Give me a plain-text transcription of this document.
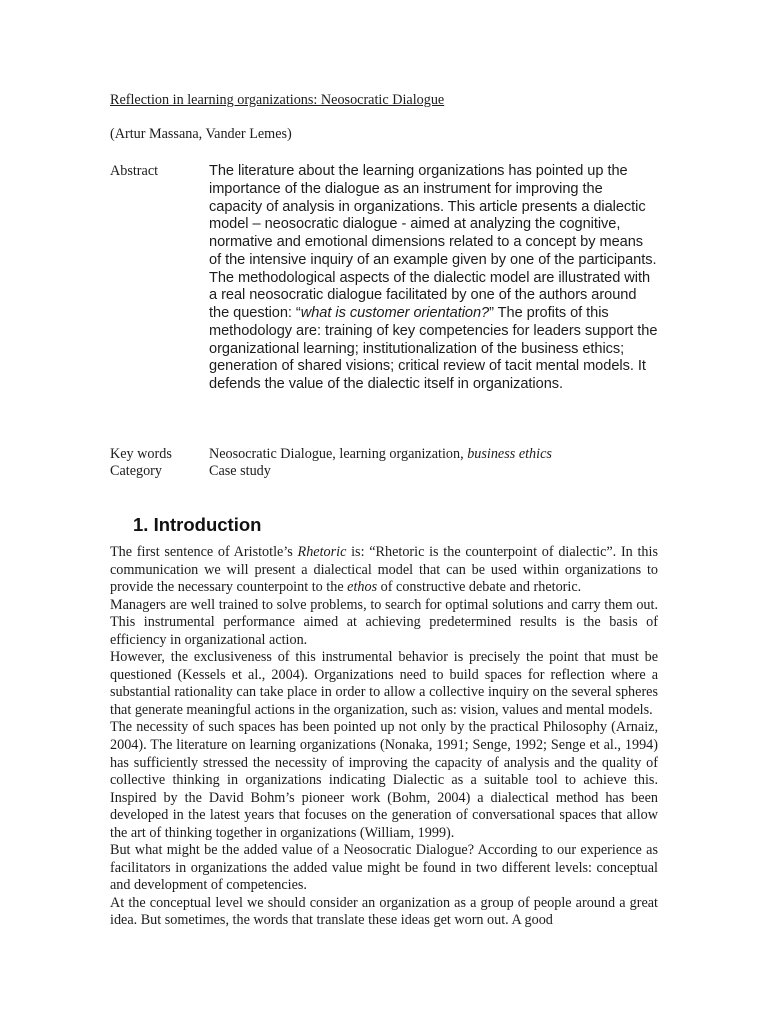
Reflection in learning organizations: Neosocratic Dialogue
(Artur Massana, Vander Lemes)
Abstract	The literature about the learning organizations has pointed up the importance of the dialogue as an instrument for improving the capacity of analysis in organizations. This article presents a dialectic model – neosocratic dialogue - aimed at analyzing the cognitive, normative and emotional dimensions related to a concept by means of the intensive inquiry of an example given by one of the participants. The methodological aspects of the dialectic model are illustrated with a real neosocratic dialogue facilitated by one of the authors around the question: “what is customer orientation?” The profits of this methodology are: training of key competencies for leaders support the organizational learning; institutionalization of the business ethics; generation of shared visions; critical review of tacit mental models. It defends the value of the dialectic itself in organizations.
Key words	Neosocratic Dialogue, learning organization, business ethics
Category	Case study
1. Introduction

The first sentence of Aristotle’s Rhetoric is: “Rhetoric is the counterpoint of dialectic”. In this communication we will present a dialectical model that can be used within organizations to provide the necessary counterpoint to the ethos of constructive debate and rhetoric.

Managers are well trained to solve problems, to search for optimal solutions and carry them out. This instrumental performance aimed at achieving predetermined results is the basis of efficiency in organizational action.

However, the exclusiveness of this instrumental behavior is precisely the point that must be questioned (Kessels et al., 2004). Organizations need to build spaces for reflection where a substantial rationality can take place in order to allow a collective inquiry on the several spheres that generate meaningful actions in the organization, such as: vision, values and mental models.

The necessity of such spaces has been pointed up not only by the practical Philosophy (Arnaiz, 2004). The literature on learning organizations (Nonaka, 1991; Senge, 1992; Senge et al., 1994) has sufficiently stressed the necessity of improving the capacity of analysis and the quality of collective thinking in organizations indicating Dialectic as a suitable tool to achieve this. Inspired by the David Bohm’s pioneer work (Bohm, 2004) a dialectical method has been developed in the latest years that focuses on the generation of conversational spaces that allow the art of thinking together in organizations (William, 1999).

But what might be the added value of a Neosocratic Dialogue? According to our experience as facilitators in organizations the added value might be found in two different levels: conceptual and development of competencies.

At the conceptual level we should consider an organization as a group of people around a great idea. But sometimes, the words that translate these ideas get worn out. A good
